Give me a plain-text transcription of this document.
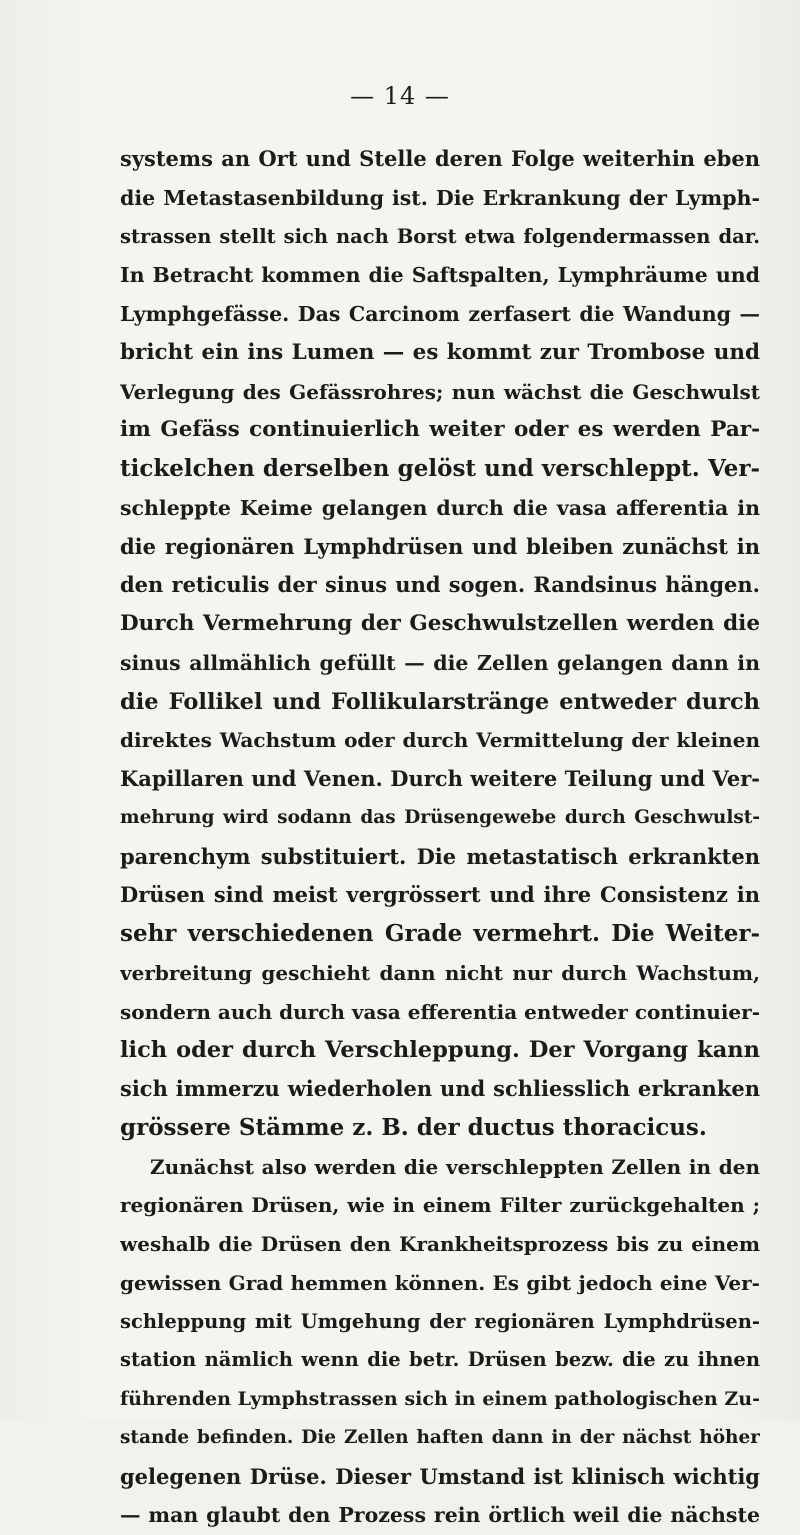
— 14 —
systems an Ort und Stelle deren Folge weiterhin eben
die Metastasenbildung ist. Die Erkrankung der Lymph-
strassen stellt sich nach Borst etwa folgendermassen dar.
In Betracht kommen die Saftspalten, Lymphräume und
Lymphgefässe. Das Carcinom zerfasert die Wandung —
bricht ein ins Lumen — es kommt zur Trombose und
Verlegung des Gefässrohres; nun wächst die Geschwulst
im Gefäss continuierlich weiter oder es werden Par-
tickelchen derselben gelöst und verschleppt. Ver-
schleppte Keime gelangen durch die vasa afferentia in
die regionären Lymphdrüsen und bleiben zunächst in
den reticulis der sinus und sogen. Randsinus hängen.
Durch Vermehrung der Geschwulstzellen werden die
sinus allmählich gefüllt — die Zellen gelangen dann in
die Follikel und Follikularstränge entweder durch
direktes Wachstum oder durch Vermittelung der kleinen
Kapillaren und Venen. Durch weitere Teilung und Ver-
mehrung wird sodann das Drüsengewebe durch Geschwulst-
parenchym substituiert. Die metastatisch erkrankten
Drüsen sind meist vergrössert und ihre Consistenz in
sehr verschiedenen Grade vermehrt. Die Weiter-
verbreitung geschieht dann nicht nur durch Wachstum,
sondern auch durch vasa efferentia entweder continuier-
lich oder durch Verschleppung. Der Vorgang kann
sich immerzu wiederholen und schliesslich erkranken
grössere Stämme z. B. der ductus thoracicus.
Zunächst also werden die verschleppten Zellen in den
regionären Drüsen, wie in einem Filter zurückgehalten ;
weshalb die Drüsen den Krankheitsprozess bis zu einem
gewissen Grad hemmen können. Es gibt jedoch eine Ver-
schleppung mit Umgehung der regionären Lymphdrüsen-
station nämlich wenn die betr. Drüsen bezw. die zu ihnen
führenden Lymphstrassen sich in einem pathologischen Zu-
stande befinden. Die Zellen haften dann in der nächst höher
gelegenen Drüse. Dieser Umstand ist klinisch wichtig
— man glaubt den Prozess rein örtlich weil die nächste
